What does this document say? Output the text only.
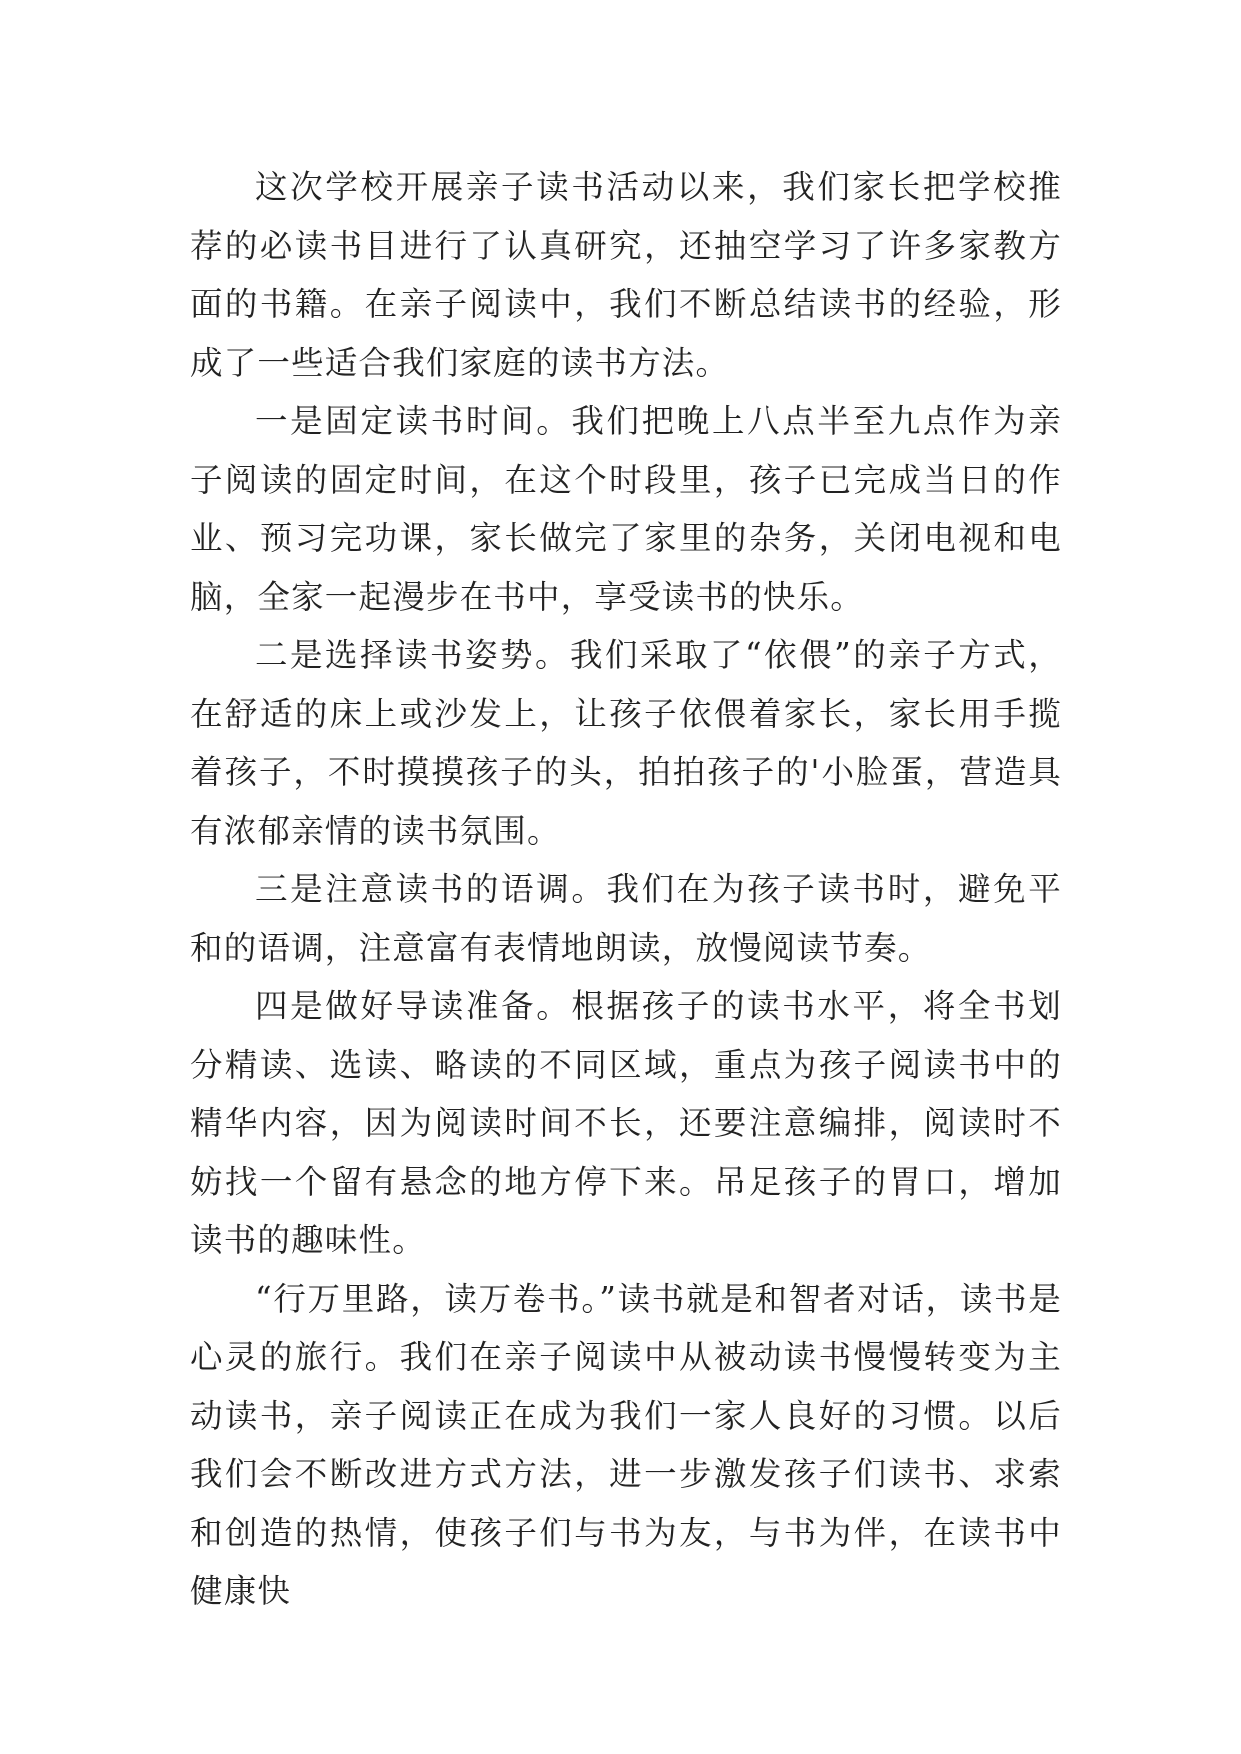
这次学校开展亲子读书活动以来，我们家长把学校推荐的必读书目进行了认真研究，还抽空学习了许多家教方面的书籍。在亲子阅读中，我们不断总结读书的经验，形成了一些适合我们家庭的读书方法。

一是固定读书时间。我们把晚上八点半至九点作为亲子阅读的固定时间，在这个时段里，孩子已完成当日的作业、预习完功课，家长做完了家里的杂务，关闭电视和电脑，全家一起漫步在书中，享受读书的快乐。

二是选择读书姿势。我们采取了“依偎”的亲子方式，在舒适的床上或沙发上，让孩子依偎着家长，家长用手揽着孩子，不时摸摸孩子的头，拍拍孩子的'小脸蛋，营造具有浓郁亲情的读书氛围。

三是注意读书的语调。我们在为孩子读书时，避免平和的语调，注意富有表情地朗读，放慢阅读节奏。

四是做好导读准备。根据孩子的读书水平，将全书划分精读、选读、略读的不同区域，重点为孩子阅读书中的精华内容，因为阅读时间不长，还要注意编排，阅读时不妨找一个留有悬念的地方停下来。吊足孩子的胃口，增加读书的趣味性。

“行万里路，读万卷书。”读书就是和智者对话，读书是心灵的旅行。我们在亲子阅读中从被动读书慢慢转变为主动读书，亲子阅读正在成为我们一家人良好的习惯。以后我们会不断改进方式方法，进一步激发孩子们读书、求索和创造的热情，使孩子们与书为友，与书为伴，在读书中健康快
